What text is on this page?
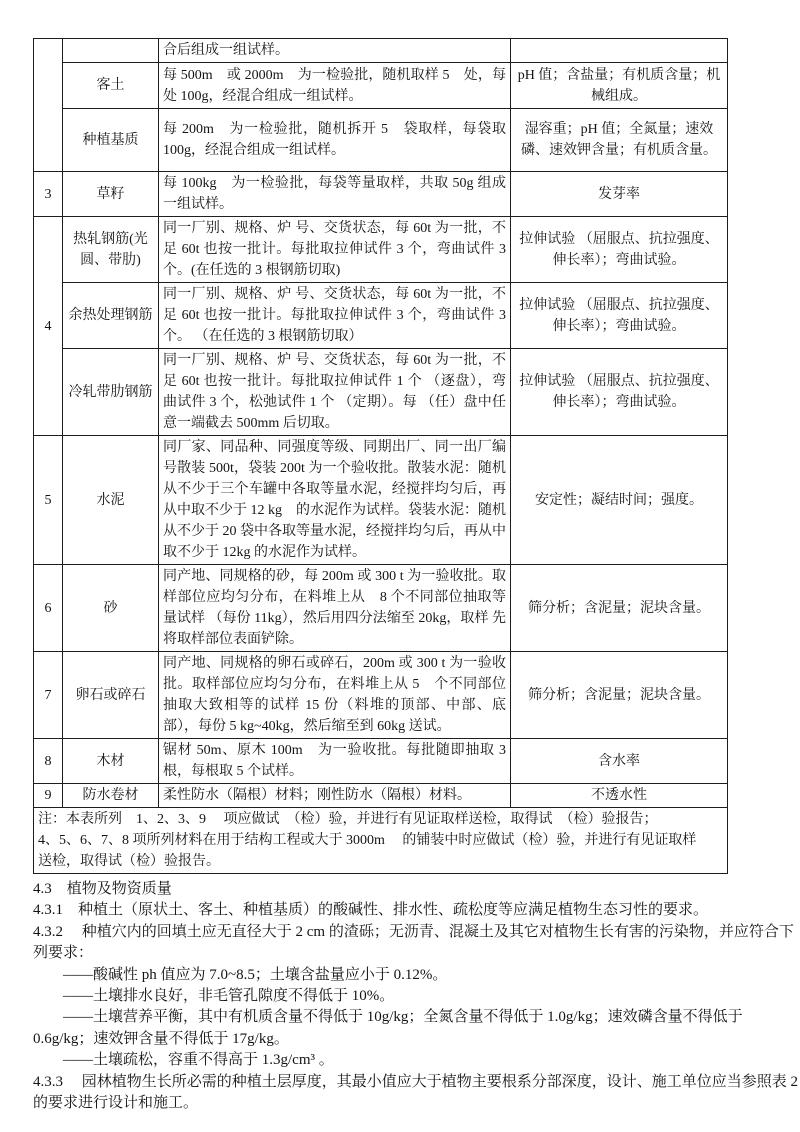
		合后组成一组试样。	
	客土	每 500m　或 2000m　为一检验批，随机取样 5　处，每处 100g，经混合组成一组试样。	pH 值；含盐量；有机质含量；机械组成。
	种植基质	每 200m　为一检验批，随机拆开 5　袋取样，每袋取 100g，经混合组成一组试样。	湿容重；pH 值；全氮量；速效磷、速效钾含量；有机质含量。
3	草籽	每 100kg　为一检验批，每袋等量取样，共取 50g 组成一组试样。	发芽率
4	热轧钢筋(光圆、带肋)	同一厂别、规格、炉 号、交货状态，每 60t 为一批，不足 60t 也按一批计。每批取拉伸试件 3 个，弯曲试件 3 个。(在任选的 3 根钢筋切取)	拉伸试验 （屈服点、抗拉强度、伸长率）；弯曲试验。
	余热处理钢筋	同一厂别、规格、炉 号、交货状态，每 60t 为一批，不足 60t 也按一批计。每批取拉伸试件 3 个，弯曲试件 3 个。 （在任选的 3 根钢筋切取）	拉伸试验 （屈服点、抗拉强度、伸长率）；弯曲试验。
	冷轧带肋钢筋	同一厂别、规格、炉 号、交货状态，每 60t 为一批，不足 60t 也按一批计。每批取拉伸试件 1 个 （逐盘），弯曲试件 3 个，松弛试件 1 个 （定期）。每 （任）盘中任意一端截去 500mm 后切取。	拉伸试验 （屈服点、抗拉强度、伸长率）；弯曲试验。
5	水泥	同厂家、同品种、同强度等级、同期出厂、同一出厂编号散装 500t，袋装 200t 为一个验收批。散装水泥：随机从不少于三个车罐中各取等量水泥，经搅拌均匀后，再从中取不少于 12 kg　的水泥作为试样。袋装水泥：随机从不少于 20 袋中各取等量水泥，经搅拌均匀后，再从中取不少于 12kg 的水泥作为试样。	安定性；凝结时间；强度。
6	砂	同产地、同规格的砂，每 200m 或 300 t 为一验收批。取样部位应均匀分布，在料堆上从　8 个不同部位抽取等量试样 （每份 11kg），然后用四分法缩至 20kg，取样 先将取样部位表面铲除。	筛分析；含泥量；泥块含量。
7	卵石或碎石	同产地、同规格的卵石或碎石，200m 或 300 t 为一验收批。取样部位应均匀分布，在料堆上从 5　个不同部位抽取大致相等的试样 15 份（料堆的顶部、中部、底部），每份 5 kg~40kg，然后缩至到 60kg 送试。	筛分析；含泥量；泥块含量。
8	木材	锯材 50m、原木 100m　为一验收批。每批随即抽取 3 根，每根取 5 个试样。	含水率
9	防水卷材	柔性防水（隔根）材料；刚性防水（隔根）材料。	不透水性

注：本表所列　1、2、3、9　 项应做试　（检）验，并进行有见证取样送检，取得试　（检）验报告；
4、5、6、7、8 项所列材料在用于结构工程或大于 3000m　 的铺装中时应做试（检）验，并进行有见证取样
送检，取得试（检）验报告。			
4.3　植物及物资质量
4.3.1　种植土（原状土、客土、种植基质）的酸碱性、排水性、疏松度等应满足植物生态习性的要求。
4.3.2　 种植穴内的回填土应无直径大于 2 cm 的渣砾；无沥青、混凝土及其它对植物生长有害的污染物，并应符合下
列要求：
——酸碱性 ph 值应为 7.0~8.5；土壤含盐量应小于 0.12%。
——土壤排水良好，非毛管孔隙度不得低于 10%。
——土壤营养平衡，其中有机质含量不得低于 10g/kg；全氮含量不得低于 1.0g/kg；速效磷含量不得低于
0.6g/kg；速效钾含量不得低于 17g/kg。
——土壤疏松，容重不得高于 1.3g/cm³ 。
4.3.3　 园林植物生长所必需的种植土层厚度，其最小值应大于植物主要根系分部深度，设计、施工单位应当参照表 2
的要求进行设计和施工。
